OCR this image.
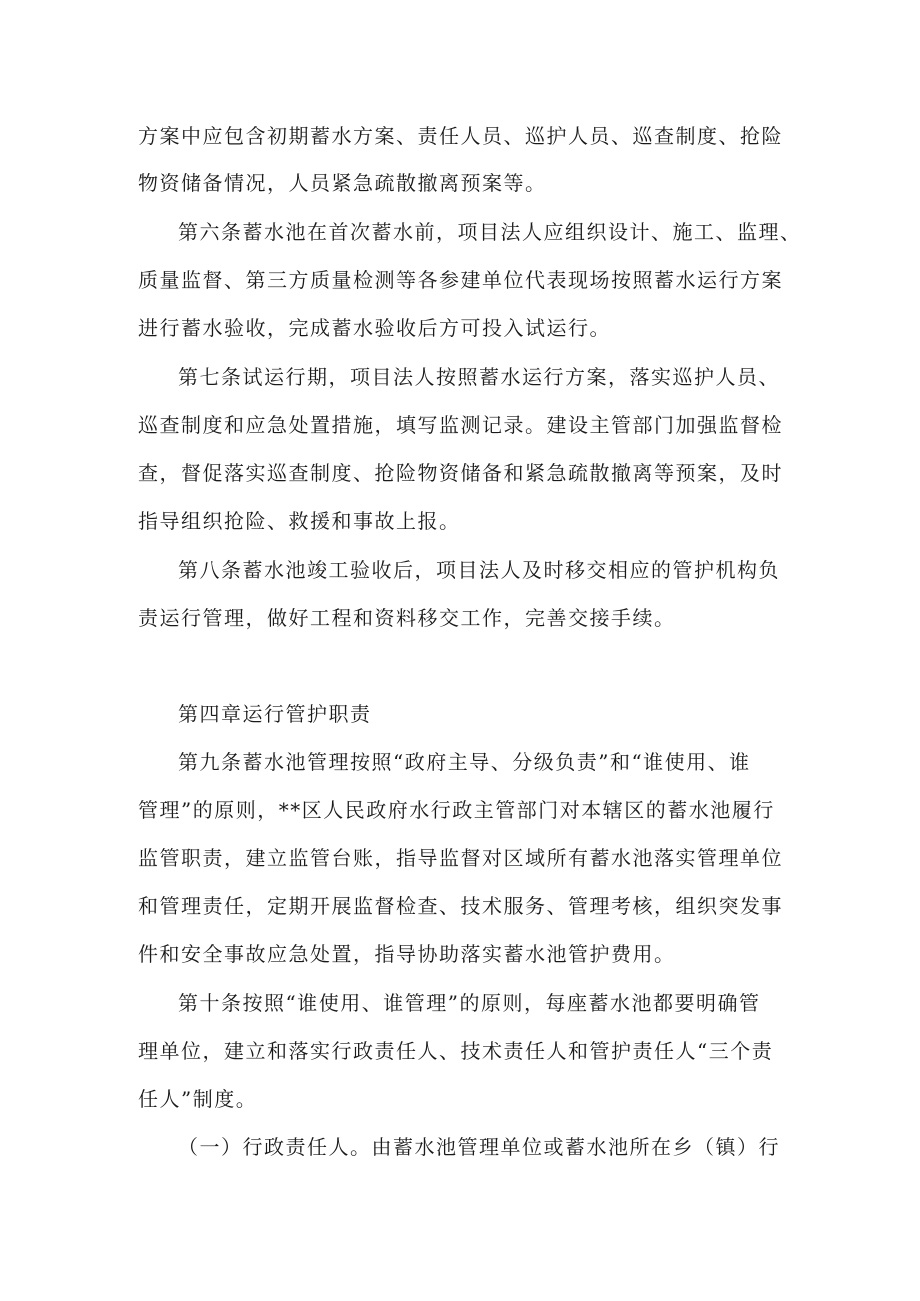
方案中应包含初期蓄水方案、责任人员、巡护人员、巡查制度、抢险

物资储备情况，人员紧急疏散撤离预案等。

第六条蓄水池在首次蓄水前，项目法人应组织设计、施工、监理、

质量监督、第三方质量检测等各参建单位代表现场按照蓄水运行方案

进行蓄水验收，完成蓄水验收后方可投入试运行。

第七条试运行期，项目法人按照蓄水运行方案，落实巡护人员、

巡查制度和应急处置措施，填写监测记录。建设主管部门加强监督检

查，督促落实巡查制度、抢险物资储备和紧急疏散撤离等预案，及时

指导组织抢险、救援和事故上报。

第八条蓄水池竣工验收后，项目法人及时移交相应的管护机构负

责运行管理，做好工程和资料移交工作，完善交接手续。

第四章运行管护职责

第九条蓄水池管理按照“政府主导、分级负责”和“谁使用、谁

管理”的原则，**区人民政府水行政主管部门对本辖区的蓄水池履行

监管职责，建立监管台账，指导监督对区域所有蓄水池落实管理单位

和管理责任，定期开展监督检查、技术服务、管理考核，组织突发事

件和安全事故应急处置，指导协助落实蓄水池管护费用。

第十条按照“谁使用、谁管理”的原则，每座蓄水池都要明确管

理单位，建立和落实行政责任人、技术责任人和管护责任人“三个责

任人”制度。

（一）行政责任人。由蓄水池管理单位或蓄水池所在乡（镇）行
